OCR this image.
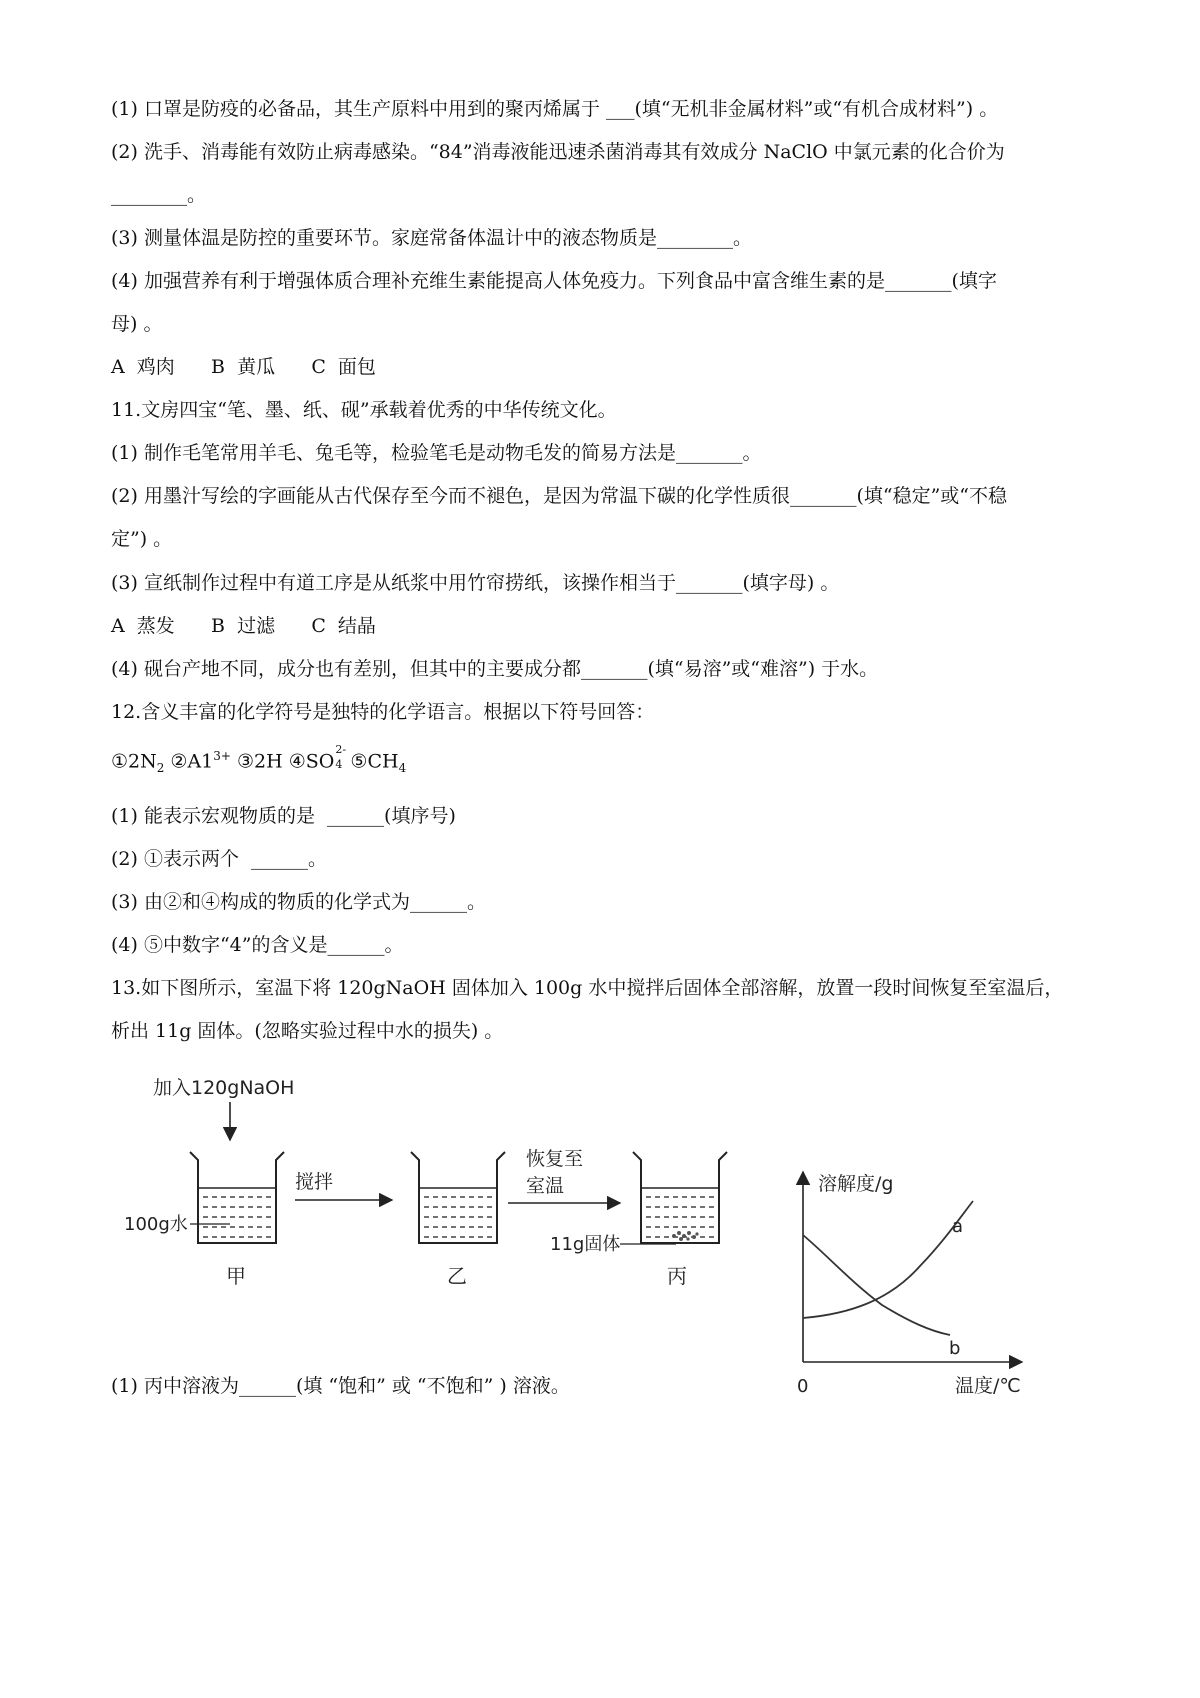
(1) 口罩是防疫的必备品，其生产原料中用到的聚丙烯属于 ___(填“无机非金属材料”或“有机合成材料”) 。
(2) 洗手、消毒能有效防止病毒感染。“84”消毒液能迅速杀菌消毒其有效成分 NaClO 中氯元素的化合价为
________。
(3) 测量体温是防控的重要环节。家庭常备体温计中的液态物质是________。
(4) 加强营养有利于增强体质合理补充维生素能提高人体免疫力。下列食品中富含维生素的是_______(填字
母) 。
A  鸡肉      B  黄瓜      C  面包
11.文房四宝“笔、墨、纸、砚”承载着优秀的中华传统文化。
(1) 制作毛笔常用羊毛、兔毛等，检验笔毛是动物毛发的简易方法是_______。
(2) 用墨汁写绘的字画能从古代保存至今而不褪色，是因为常温下碳的化学性质很_______(填“稳定”或“不稳
定”) 。
(3) 宣纸制作过程中有道工序是从纸浆中用竹帘捞纸，该操作相当于_______(填字母) 。
A  蒸发      B  过滤      C  结晶
(4) 砚台产地不同，成分也有差别，但其中的主要成分都_______(填“易溶”或“难溶”) 于水。
12.含义丰富的化学符号是独特的化学语言。根据以下符号回答：
$①2N_2$ $②A1^{3+}$ ③2H ④SO
2-
4 $⑤CH_4$
(1) 能表示宏观物质的是  ______(填序号)
(2) ①表示两个  ______。
(3) 由②和④构成的物质的化学式为______。
(4) ⑤中数字“4”的含义是______。
13.如下图所示，室温下将 120gNaOH 固体加入 100g 水中搅拌后固体全部溶解，放置一段时间恢复至室温后，
析出 11g 固体。(忽略实验过程中水的损失) 。
(1) 丙中溶液为______(填 “饱和” 或 “不饱和” ) 溶液。
加入120gNaOH
100g水
甲
搅拌
乙
恢复至
室温
11g固体
丙
溶解度/g
温度/℃
0
a
b
